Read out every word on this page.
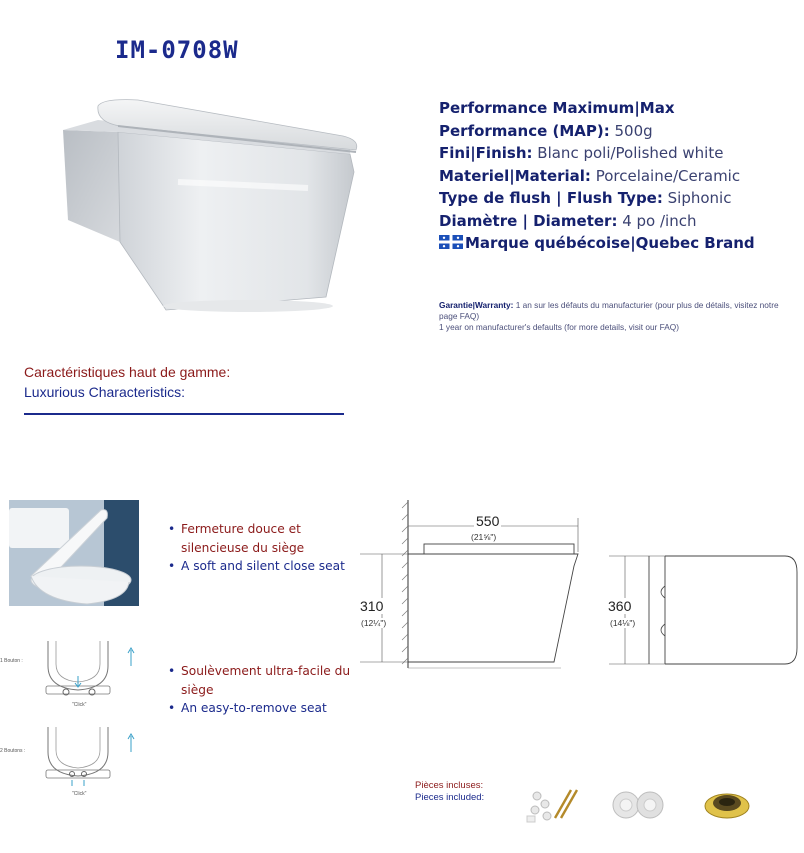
IM-0708W
Performance Maximum|Max
Performance (MAP): 500g
Fini|Finish: Blanc poli/Polished white
Materiel|Material: Porcelaine/Ceramic
Type de flush | Flush Type: Siphonic
Diamètre | Diameter: 4 po /inch
Marque québécoise|Quebec Brand
Garantie|Warranty: 1 an sur les défauts du manufacturier (pour plus de détails, visitez notre page FAQ)
1 year on manufacturer's defaults (for more details, visit our FAQ)
Caractéristiques haut de gamme:
Luxurious Characteristics:
• Fermeture douce et silencieuse du siège
• A soft and silent close seat
• Soulèvement ultra-facile du siège
• An easy-to-remove seat
1 Bouton :
"Click"
2 Boutons :
"Click"
550
(21⅝")
310
(12¼")
360
(14⅛")
Pièces incluses:
Pieces included:
